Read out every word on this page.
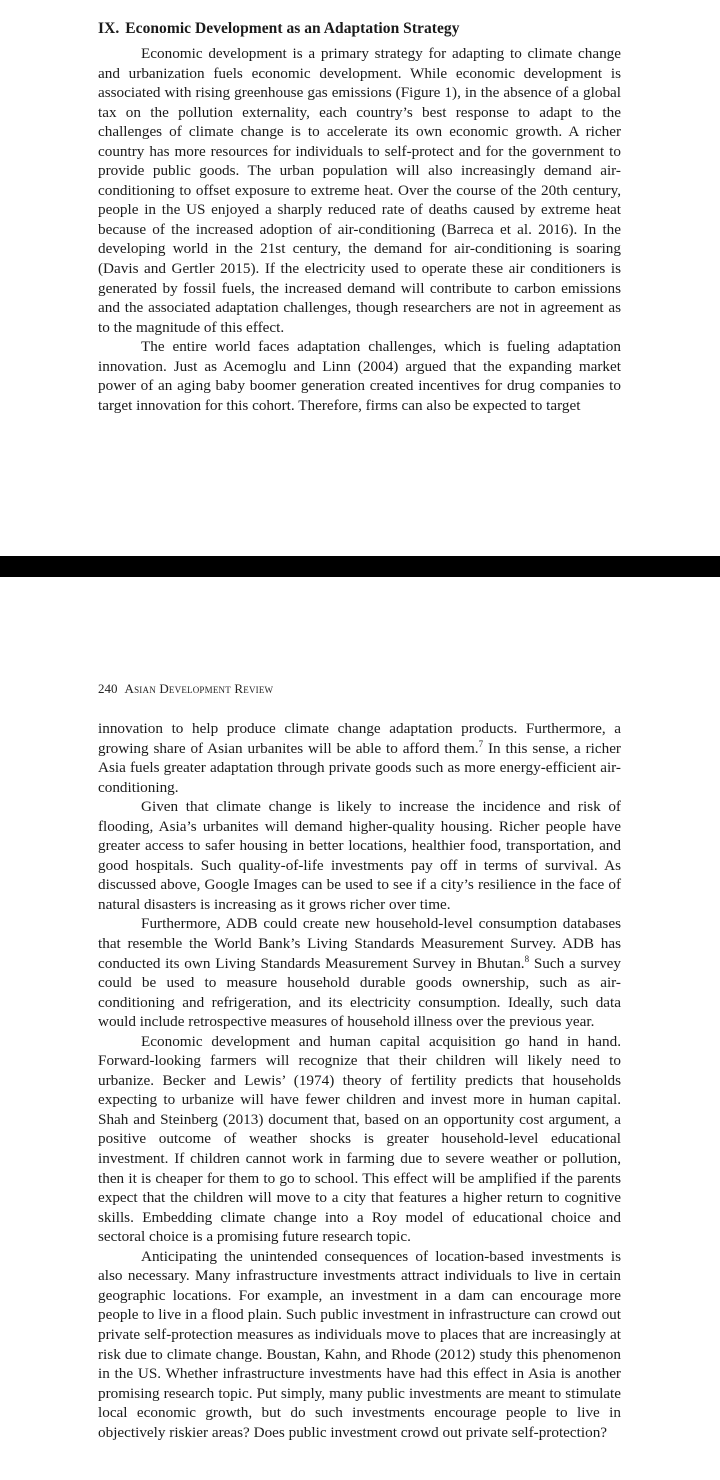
IX. Economic Development as an Adaptation Strategy

Economic development is a primary strategy for adapting to climate change and urbanization fuels economic development. While economic development is associated with rising greenhouse gas emissions (Figure 1), in the absence of a global tax on the pollution externality, each country’s best response to adapt to the challenges of climate change is to accelerate its own economic growth. A richer country has more resources for individuals to self-protect and for the government to provide public goods. The urban population will also increasingly demand air-conditioning to offset exposure to extreme heat. Over the course of the 20th century, people in the US enjoyed a sharply reduced rate of deaths caused by extreme heat because of the increased adoption of air-conditioning (Barreca et al. 2016). In the developing world in the 21st century, the demand for air-conditioning is soaring (Davis and Gertler 2015). If the electricity used to operate these air conditioners is generated by fossil fuels, the increased demand will contribute to carbon emissions and the associated adaptation challenges, though researchers are not in agreement as to the magnitude of this effect.

The entire world faces adaptation challenges, which is fueling adaptation innovation. Just as Acemoglu and Linn (2004) argued that the expanding market power of an aging baby boomer generation created incentives for drug companies to target innovation for this cohort. Therefore, firms can also be expected to target

240 Asian Development Review

innovation to help produce climate change adaptation products. Furthermore, a growing share of Asian urbanites will be able to afford them.$^7$ In this sense, a richer Asia fuels greater adaptation through private goods such as more energy-efficient air-conditioning.

Given that climate change is likely to increase the incidence and risk of flooding, Asia’s urbanites will demand higher-quality housing. Richer people have greater access to safer housing in better locations, healthier food, transportation, and good hospitals. Such quality-of-life investments pay off in terms of survival. As discussed above, Google Images can be used to see if a city’s resilience in the face of natural disasters is increasing as it grows richer over time.

Furthermore, ADB could create new household-level consumption databases that resemble the World Bank’s Living Standards Measurement Survey. ADB has conducted its own Living Standards Measurement Survey in Bhutan.$^8$ Such a survey could be used to measure household durable goods ownership, such as air-conditioning and refrigeration, and its electricity consumption. Ideally, such data would include retrospective measures of household illness over the previous year.

Economic development and human capital acquisition go hand in hand. Forward-looking farmers will recognize that their children will likely need to urbanize. Becker and Lewis’ (1974) theory of fertility predicts that households expecting to urbanize will have fewer children and invest more in human capital. Shah and Steinberg (2013) document that, based on an opportunity cost argument, a positive outcome of weather shocks is greater household-level educational investment. If children cannot work in farming due to severe weather or pollution, then it is cheaper for them to go to school. This effect will be amplified if the parents expect that the children will move to a city that features a higher return to cognitive skills. Embedding climate change into a Roy model of educational choice and sectoral choice is a promising future research topic.

Anticipating the unintended consequences of location-based investments is also necessary. Many infrastructure investments attract individuals to live in certain geographic locations. For example, an investment in a dam can encourage more people to live in a flood plain. Such public investment in infrastructure can crowd out private self-protection measures as individuals move to places that are increasingly at risk due to climate change. Boustan, Kahn, and Rhode (2012) study this phenomenon in the US. Whether infrastructure investments have had this effect in Asia is another promising research topic. Put simply, many public investments are meant to stimulate local economic growth, but do such investments encourage people to live in objectively riskier areas? Does public investment crowd out private self-protection?
